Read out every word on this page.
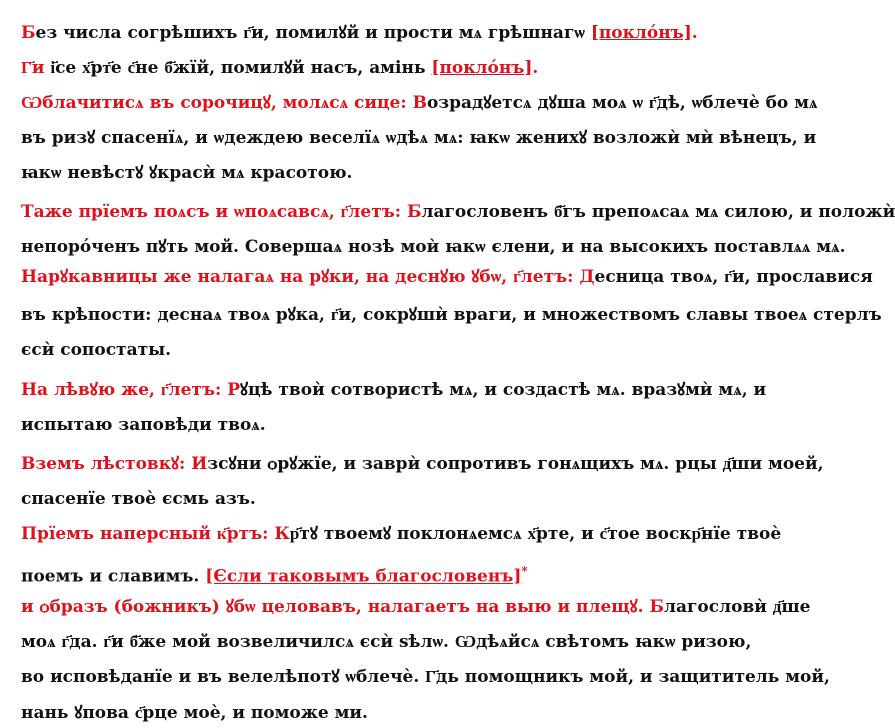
Без числа согрѣшихъ г҃и, помилꙋй и прости мѧ грѣшнагѡ [поклóнъ].
Г҃и і҃се х҃рт҃е с҃не б҃жїй, помилꙋй насъ, амінь [поклóнъ].
Ѡблачитисѧ въ сорочицꙋ, молѧсѧ сице: Возрадꙋетсѧ дꙋша моѧ ѡ г҃дѣ, ѡблечѐ бо мѧ
въ ризꙋ спасенїѧ, и ѡдеждею веселїѧ ѡдѣѧ мѧ: ꙗкѡ женихꙋ возложѝ мѝ вѣнецъ, и
ꙗкѡ невѣстꙋ ꙋкрасѝ мѧ красотою.
Таже прїемъ поѧсъ и ѡпоѧсавсѧ, г҃летъ: Благословенъ б҃гъ препоѧсаѧ мѧ силою, и положѝ
непорóченъ пꙋть мой. Совершаѧ нозѣ моѝ ꙗкѡ єлени, и на высокихъ поставлѧѧ мѧ.
Нарꙋкавницы же налагаѧ на рꙋки, на деснꙋю ꙋбѡ, г҃летъ: Десница твоѧ, г҃и, прославися
въ крѣпости: деснаѧ твоѧ рꙋка, г҃и, сокрꙋшѝ враги, и множествомъ славы твоеѧ стерлъ
єсѝ сопостаты.
На лѣвꙋю же, г҃летъ: Рꙋцѣ твоѝ сотвористѣ мѧ, и создастѣ мѧ. вразꙋмѝ мѧ, и
испытаю заповѣди твоѧ.
Вземъ лѣстовкꙋ: Изсꙋни ѻрꙋжїе, и заврѝ сопротивъ гонѧщихъ мѧ. рцы д҃ши моей,
спасенїе твоѐ єсмь азъ.
Прїемъ наперсный к҃ртъ: Кр҃тꙋ твоемꙋ поклонѧемсѧ х҃рте, и с҃тое воскр҃нїе твоѐ
поемъ и славимъ. [Єсли таковымъ благословенъ]*
и ѻбразъ (божникъ) ꙋбѡ целовавъ, налагаетъ на выю и плещꙋ. Благословѝ д҃ше
моѧ г҃да. г҃и б҃же мой возвеличилсѧ єсѝ ѕѣлѡ. Ѡдѣѧйсѧ свѣтомъ ꙗкѡ ризою,
во исповѣданїе и въ велелѣпотꙋ ѡблечѐ. Г҃дь помощникъ мой, и защититель мой,
нань ꙋпова с҃рце моѐ, и поможе ми.
